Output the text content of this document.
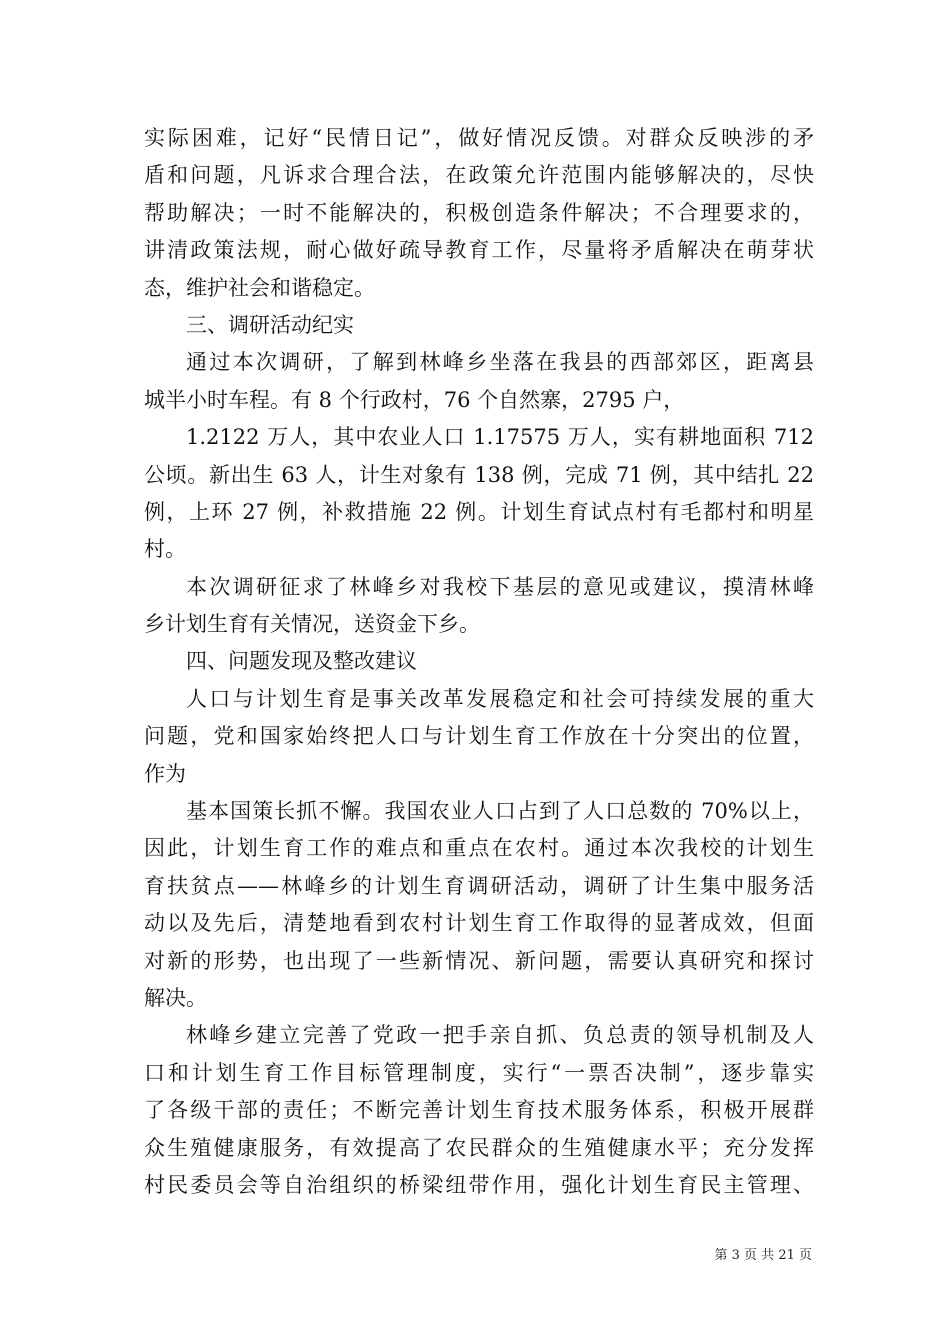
实际困难，记好“民情日记”，做好情况反馈。对群众反映涉的矛
盾和问题，凡诉求合理合法，在政策允许范围内能够解决的，尽快
帮助解决；一时不能解决的，积极创造条件解决；不合理要求的，
讲清政策法规，耐心做好疏导教育工作，尽量将矛盾解决在萌芽状
态，维护社会和谐稳定。
三、调研活动纪实
通过本次调研，了解到林峰乡坐落在我县的西部郊区，距离县
城半小时车程。有 8 个行政村，76 个自然寨，2795 户，
1.2122 万人，其中农业人口 1.17575 万人，实有耕地面积 712
公顷。新出生 63 人，计生对象有 138 例，完成 71 例，其中结扎 22
例，上环 27 例，补救措施 22 例。计划生育试点村有毛都村和明星
村。
本次调研征求了林峰乡对我校下基层的意见或建议，摸清林峰
乡计划生育有关情况，送资金下乡。
四、问题发现及整改建议
人口与计划生育是事关改革发展稳定和社会可持续发展的重大
问题，党和国家始终把人口与计划生育工作放在十分突出的位置，
作为
基本国策长抓不懈。我国农业人口占到了人口总数的 70%以上，
因此，计划生育工作的难点和重点在农村。通过本次我校的计划生
育扶贫点——林峰乡的计划生育调研活动，调研了计生集中服务活
动以及先后，清楚地看到农村计划生育工作取得的显著成效，但面
对新的形势，也出现了一些新情况、新问题，需要认真研究和探讨
解决。
林峰乡建立完善了党政一把手亲自抓、负总责的领导机制及人
口和计划生育工作目标管理制度，实行“一票否决制”，逐步靠实
了各级干部的责任；不断完善计划生育技术服务体系，积极开展群
众生殖健康服务，有效提高了农民群众的生殖健康水平；充分发挥
村民委员会等自治组织的桥梁纽带作用，强化计划生育民主管理、
第 3 页 共 21 页
